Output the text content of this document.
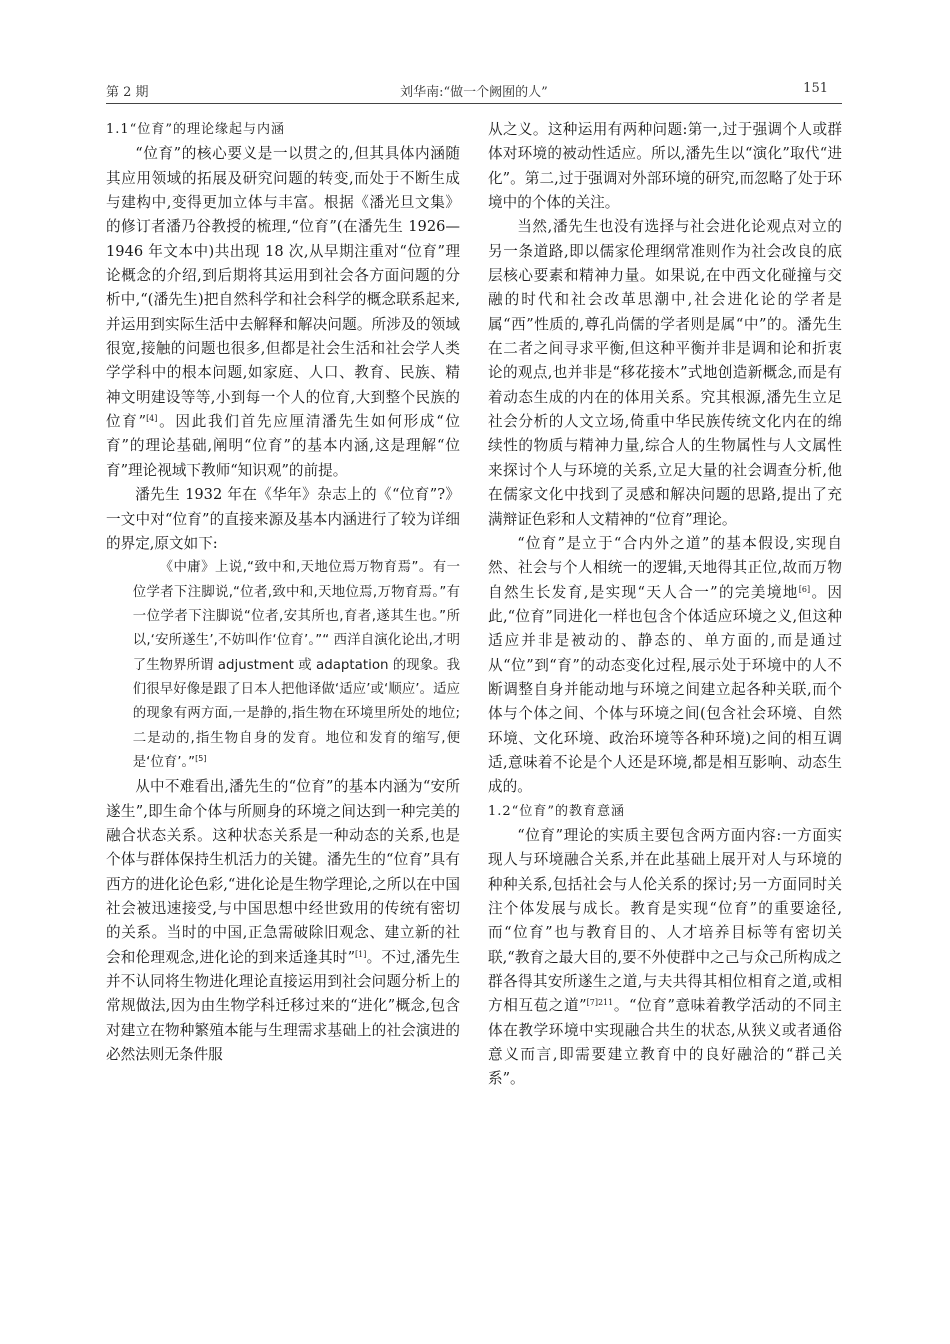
第 2 期	刘华南:“做一个阙囿的人”	151
1.1“位育”的理论缘起与内涵

“位育”的核心要义是一以贯之的,但其具体内涵随其应用领域的拓展及研究问题的转变,而处于不断生成与建构中,变得更加立体与丰富。根据《潘光旦文集》的修订者潘乃谷教授的梳理,“位育”(在潘先生 1926—1946 年文本中)共出现 18 次,从早期注重对“位育”理论概念的介绍,到后期将其运用到社会各方面问题的分析中,“(潘先生)把自然科学和社会科学的概念联系起来,并运用到实际生活中去解释和解决问题。所涉及的领域很宽,接触的问题也很多,但都是社会生活和社会学人类学学科中的根本问题,如家庭、人口、教育、民族、精神文明建设等等,小到每一个人的位育,大到整个民族的位育”[4]。因此我们首先应厘清潘先生如何形成“位育”的理论基础,阐明“位育”的基本内涵,这是理解“位育”理论视域下教师“知识观”的前提。

潘先生 1932 年在《华年》杂志上的《“位育”?》一文中对“位育”的直接来源及基本内涵进行了较为详细的界定,原文如下:

《中庸》上说,“致中和,天地位焉万物育焉”。有一位学者下注脚说,“位者,致中和,天地位焉,万物育焉。”有一位学者下注脚说“位者,安其所也,育者,遂其生也。”所以,‘安所遂生’,不妨叫作‘位育’。”“ 西洋自演化论出,才明了生物界所谓 adjustment 或 adaptation 的现象。我们很早好像是跟了日本人把他译做‘适应’或‘顺应’。适应的现象有两方面,一是静的,指生物在环境里所处的地位;二是动的,指生物自身的发育。地位和发育的缩写,便是‘位育’。”[5]

从中不难看出,潘先生的“位育”的基本内涵为“安所遂生”,即生命个体与所厕身的环境之间达到一种完美的融合状态关系。这种状态关系是一种动态的关系,也是个体与群体保持生机活力的关键。潘先生的“位育”具有西方的进化论色彩,“进化论是生物学理论,之所以在中国社会被迅速接受,与中国思想中经世致用的传统有密切的关系。当时的中国,正急需破除旧观念、建立新的社会和伦理观念,进化论的到来适逢其时”[1]。不过,潘先生并不认同将生物进化理论直接运用到社会问题分析上的常规做法,因为由生物学科迁移过来的“进化”概念,包含对建立在物种繁殖本能与生理需求基础上的社会演进的必然法则无条件服

从之义。这种运用有两种问题:第一,过于强调个人或群体对环境的被动性适应。所以,潘先生以“演化”取代“进化”。第二,过于强调对外部环境的研究,而忽略了处于环境中的个体的关注。

当然,潘先生也没有选择与社会进化论观点对立的另一条道路,即以儒家伦理纲常准则作为社会改良的底层核心要素和精神力量。如果说,在中西文化碰撞与交融的时代和社会改革思潮中,社会进化论的学者是属“西”性质的,尊孔尚儒的学者则是属“中”的。潘先生在二者之间寻求平衡,但这种平衡并非是调和论和折衷论的观点,也并非是“移花接木”式地创造新概念,而是有着动态生成的内在的体用关系。究其根源,潘先生立足社会分析的人文立场,倚重中华民族传统文化内在的绵续性的物质与精神力量,综合人的生物属性与人文属性来探讨个人与环境的关系,立足大量的社会调查分析,他在儒家文化中找到了灵感和解决问题的思路,提出了充满辩证色彩和人文精神的“位育”理论。

“位育”是立于“合内外之道”的基本假设,实现自然、社会与个人相统一的逻辑,天地得其正位,故而万物自然生长发育,是实现“天人合一”的完美境地[6]。因此,“位育”同进化一样也包含个体适应环境之义,但这种适应并非是被动的、静态的、单方面的,而是通过从“位”到“育”的动态变化过程,展示处于环境中的人不断调整自身并能动地与环境之间建立起各种关联,而个体与个体之间、个体与环境之间(包含社会环境、自然环境、文化环境、政治环境等各种环境)之间的相互调适,意味着不论是个人还是环境,都是相互影响、动态生成的。

1.2“位育”的教育意涵

“位育”理论的实质主要包含两方面内容:一方面实现人与环境融合关系,并在此基础上展开对人与环境的种种关系,包括社会与人伦关系的探讨;另一方面同时关注个体发展与成长。教育是实现“位育”的重要途径,而“位育”也与教育目的、人才培养目标等有密切关联,“教育之最大目的,要不外使群中之己与众己所构成之群各得其安所遂生之道,与夫共得其相位相育之道,或相方相互苞之道”$^{[7]211}$。“位育”意味着教学活动的不同主体在教学环境中实现融合共生的状态,从狭义或者通俗意义而言,即需要建立教育中的良好融洽的“群己关系”。
